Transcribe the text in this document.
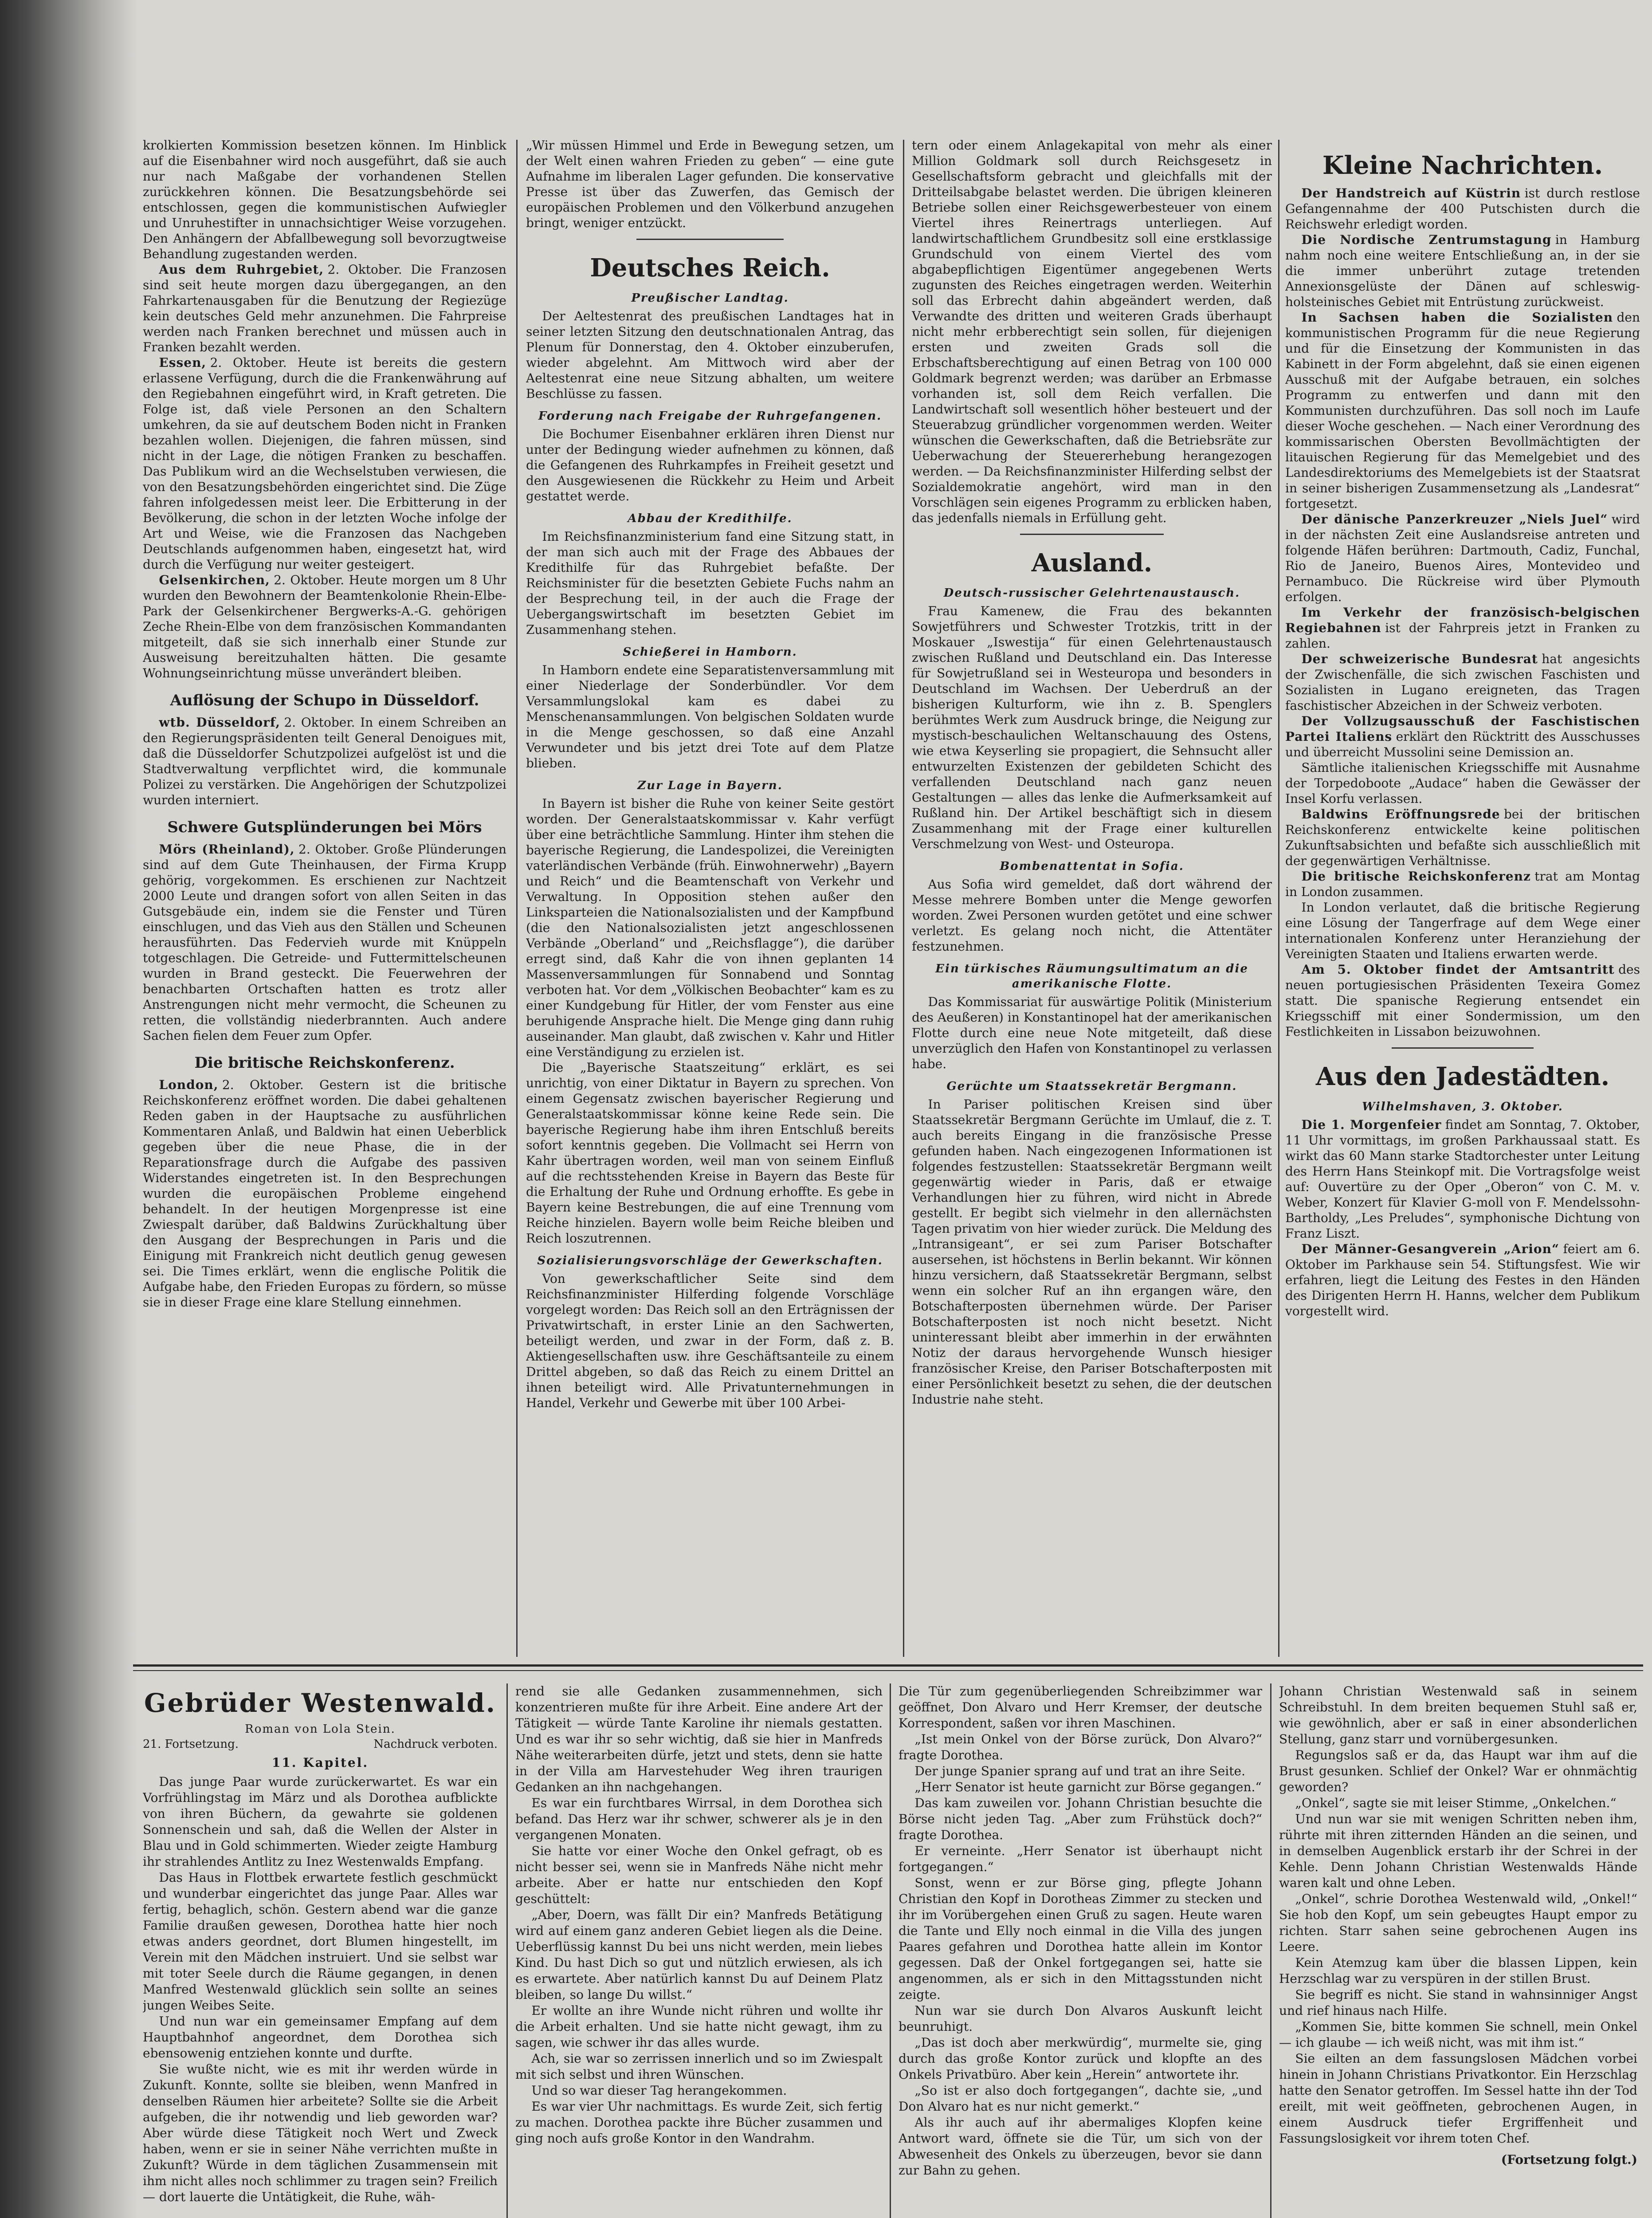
krolkierten Kommission besetzen können. Im Hinblick auf die Eisenbahner wird noch ausgeführt, daß sie auch nur nach Maßgabe der vorhandenen Stellen zurückkehren können. Die Besatzungsbehörde sei entschlossen, gegen die kommunistischen Aufwiegler und Unruhestifter in unnachsichtiger Weise vorzugehen. Den Anhängern der Abfallbewegung soll bevorzugtweise Behandlung zugestanden werden.

Aus dem Ruhrgebiet, 2. Oktober. Die Franzosen sind seit heute morgen dazu übergegangen, an den Fahrkartenausgaben für die Benutzung der Regiezüge kein deutsches Geld mehr anzunehmen. Die Fahrpreise werden nach Franken berechnet und müssen auch in Franken bezahlt werden.

Essen, 2. Oktober. Heute ist bereits die gestern erlassene Verfügung, durch die die Frankenwährung auf den Regiebahnen eingeführt wird, in Kraft getreten. Die Folge ist, daß viele Personen an den Schaltern umkehren, da sie auf deutschem Boden nicht in Franken bezahlen wollen. Diejenigen, die fahren müssen, sind nicht in der Lage, die nötigen Franken zu beschaffen. Das Publikum wird an die Wechselstuben verwiesen, die von den Besatzungsbehörden eingerichtet sind. Die Züge fahren infolgedessen meist leer. Die Erbitterung in der Bevölkerung, die schon in der letzten Woche infolge der Art und Weise, wie die Franzosen das Nachgeben Deutschlands aufgenommen haben, eingesetzt hat, wird durch die Verfügung nur weiter gesteigert.

Gelsenkirchen, 2. Oktober. Heute morgen um 8 Uhr wurden den Bewohnern der Beamtenkolonie Rhein-Elbe-Park der Gelsenkirchener Bergwerks-A.-G. gehörigen Zeche Rhein-Elbe von dem französischen Kommandanten mitgeteilt, daß sie sich innerhalb einer Stunde zur Ausweisung bereitzuhalten hätten. Die gesamte Wohnungseinrichtung müsse unverändert bleiben.

Auflösung der Schupo in Düsseldorf.

wtb. Düsseldorf, 2. Oktober. In einem Schreiben an den Regierungspräsidenten teilt General Denoigues mit, daß die Düsseldorfer Schutzpolizei aufgelöst ist und die Stadtverwaltung verpflichtet wird, die kommunale Polizei zu verstärken. Die Angehörigen der Schutzpolizei wurden interniert.

Schwere Gutsplünderungen bei Mörs

Mörs (Rheinland), 2. Oktober. Große Plünderungen sind auf dem Gute Theinhausen, der Firma Krupp gehörig, vorgekommen. Es erschienen zur Nachtzeit 2000 Leute und drangen sofort von allen Seiten in das Gutsgebäude ein, indem sie die Fenster und Türen einschlugen, und das Vieh aus den Ställen und Scheunen herausführten. Das Federvieh wurde mit Knüppeln totgeschlagen. Die Getreide- und Futtermittelscheunen wurden in Brand gesteckt. Die Feuerwehren der benachbarten Ortschaften hatten es trotz aller Anstrengungen nicht mehr vermocht, die Scheunen zu retten, die vollständig niederbrannten. Auch andere Sachen fielen dem Feuer zum Opfer.

Die britische Reichskonferenz.

London, 2. Oktober. Gestern ist die britische Reichskonferenz eröffnet worden. Die dabei gehaltenen Reden gaben in der Hauptsache zu ausführlichen Kommentaren Anlaß, und Baldwin hat einen Ueberblick gegeben über die neue Phase, die in der Reparationsfrage durch die Aufgabe des passiven Widerstandes eingetreten ist. In den Besprechungen wurden die europäischen Probleme eingehend behandelt. In der heutigen Morgenpresse ist eine Zwiespalt darüber, daß Baldwins Zurückhaltung über den Ausgang der Besprechungen in Paris und die Einigung mit Frankreich nicht deutlich genug gewesen sei. Die Times erklärt, wenn die englische Politik die Aufgabe habe, den Frieden Europas zu fördern, so müsse sie in dieser Frage eine klare Stellung einnehmen.

„Wir müssen Himmel und Erde in Bewegung setzen, um der Welt einen wahren Frieden zu geben“ — eine gute Aufnahme im liberalen Lager gefunden. Die konservative Presse ist über das Zuwerfen, das Gemisch der europäischen Problemen und den Völkerbund anzugehen bringt, weniger entzückt.

Deutsches Reich.
Preußischer Landtag.

Der Aeltestenrat des preußischen Landtages hat in seiner letzten Sitzung den deutschnationalen Antrag, das Plenum für Donnerstag, den 4. Oktober einzuberufen, wieder abgelehnt. Am Mittwoch wird aber der Aeltestenrat eine neue Sitzung abhalten, um weitere Beschlüsse zu fassen.

Forderung nach Freigabe der Ruhrgefangenen.

Die Bochumer Eisenbahner erklären ihren Dienst nur unter der Bedingung wieder aufnehmen zu können, daß die Gefangenen des Ruhrkampfes in Freiheit gesetzt und den Ausgewiesenen die Rückkehr zu Heim und Arbeit gestattet werde.

Abbau der Kredithilfe.

Im Reichsfinanzministerium fand eine Sitzung statt, in der man sich auch mit der Frage des Abbaues der Kredithilfe für das Ruhrgebiet befaßte. Der Reichsminister für die besetzten Gebiete Fuchs nahm an der Besprechung teil, in der auch die Frage der Uebergangswirtschaft im besetzten Gebiet im Zusammenhang stehen.

Schießerei in Hamborn.

In Hamborn endete eine Separatistenversammlung mit einer Niederlage der Sonderbündler. Vor dem Versammlungslokal kam es dabei zu Menschenansammlungen. Von belgischen Soldaten wurde in die Menge geschossen, so daß eine Anzahl Verwundeter und bis jetzt drei Tote auf dem Platze blieben.

Zur Lage in Bayern.

In Bayern ist bisher die Ruhe von keiner Seite gestört worden. Der Generalstaatskommissar v. Kahr verfügt über eine beträchtliche Sammlung. Hinter ihm stehen die bayerische Regierung, die Landespolizei, die Vereinigten vaterländischen Verbände (früh. Einwohnerwehr) „Bayern und Reich“ und die Beamtenschaft von Verkehr und Verwaltung. In Opposition stehen außer den Linksparteien die Nationalsozialisten und der Kampfbund (die den Nationalsozialisten jetzt angeschlossenen Verbände „Oberland“ und „Reichsflagge“), die darüber erregt sind, daß Kahr die von ihnen geplanten 14 Massenversammlungen für Sonnabend und Sonntag verboten hat. Vor dem „Völkischen Beobachter“ kam es zu einer Kundgebung für Hitler, der vom Fenster aus eine beruhigende Ansprache hielt. Die Menge ging dann ruhig auseinander. Man glaubt, daß zwischen v. Kahr und Hitler eine Verständigung zu erzielen ist.

Die „Bayerische Staatszeitung“ erklärt, es sei unrichtig, von einer Diktatur in Bayern zu sprechen. Von einem Gegensatz zwischen bayerischer Regierung und Generalstaatskommissar könne keine Rede sein. Die bayerische Regierung habe ihm ihren Entschluß bereits sofort kenntnis gegeben. Die Vollmacht sei Herrn von Kahr übertragen worden, weil man von seinem Einfluß auf die rechtsstehenden Kreise in Bayern das Beste für die Erhaltung der Ruhe und Ordnung erhoffte. Es gebe in Bayern keine Bestrebungen, die auf eine Trennung vom Reiche hinzielen. Bayern wolle beim Reiche bleiben und Reich loszutrennen.

Sozialisierungsvorschläge der Gewerkschaften.

Von gewerkschaftlicher Seite sind dem Reichsfinanzminister Hilferding folgende Vorschläge vorgelegt worden: Das Reich soll an den Erträgnissen der Privatwirtschaft, in erster Linie an den Sachwerten, beteiligt werden, und zwar in der Form, daß z. B. Aktiengesellschaften usw. ihre Geschäftsanteile zu einem Drittel abgeben, so daß das Reich zu einem Drittel an ihnen beteiligt wird. Alle Privatunternehmungen in Handel, Verkehr und Gewerbe mit über 100 Arbei-

tern oder einem Anlagekapital von mehr als einer Million Goldmark soll durch Reichsgesetz in Gesellschaftsform gebracht und gleichfalls mit der Dritteilsabgabe belastet werden. Die übrigen kleineren Betriebe sollen einer Reichsgewerbesteuer von einem Viertel ihres Reinertrags unterliegen. Auf landwirtschaftlichem Grundbesitz soll eine erstklassige Grundschuld von einem Viertel des vom abgabepflichtigen Eigentümer angegebenen Werts zugunsten des Reiches eingetragen werden. Weiterhin soll das Erbrecht dahin abgeändert werden, daß Verwandte des dritten und weiteren Grads überhaupt nicht mehr erbberechtigt sein sollen, für diejenigen ersten und zweiten Grads soll die Erbschaftsberechtigung auf einen Betrag von 100 000 Goldmark begrenzt werden; was darüber an Erbmasse vorhanden ist, soll dem Reich verfallen. Die Landwirtschaft soll wesentlich höher besteuert und der Steuerabzug gründlicher vorgenommen werden. Weiter wünschen die Gewerkschaften, daß die Betriebsräte zur Ueberwachung der Steuererhebung herangezogen werden. — Da Reichsfinanzminister Hilferding selbst der Sozialdemokratie angehört, wird man in den Vorschlägen sein eigenes Programm zu erblicken haben, das jedenfalls niemals in Erfüllung geht.

Ausland.
Deutsch-russischer Gelehrtenaustausch.

Frau Kamenew, die Frau des bekannten Sowjetführers und Schwester Trotzkis, tritt in der Moskauer „Iswestija“ für einen Gelehrtenaustausch zwischen Rußland und Deutschland ein. Das Interesse für Sowjetrußland sei in Westeuropa und besonders in Deutschland im Wachsen. Der Ueberdruß an der bisherigen Kulturform, wie ihn z. B. Spenglers berühmtes Werk zum Ausdruck bringe, die Neigung zur mystisch-beschaulichen Weltanschauung des Ostens, wie etwa Keyserling sie propagiert, die Sehnsucht aller entwurzelten Existenzen der gebildeten Schicht des verfallenden Deutschland nach ganz neuen Gestaltungen — alles das lenke die Aufmerksamkeit auf Rußland hin. Der Artikel beschäftigt sich in diesem Zusammenhang mit der Frage einer kulturellen Verschmelzung von West- und Osteuropa.

Bombenattentat in Sofia.

Aus Sofia wird gemeldet, daß dort während der Messe mehrere Bomben unter die Menge geworfen worden. Zwei Personen wurden getötet und eine schwer verletzt. Es gelang noch nicht, die Attentäter festzunehmen.

Ein türkisches Räumungsultimatum an die amerikanische Flotte.

Das Kommissariat für auswärtige Politik (Ministerium des Aeußeren) in Konstantinopel hat der amerikanischen Flotte durch eine neue Note mitgeteilt, daß diese unverzüglich den Hafen von Konstantinopel zu verlassen habe.

Gerüchte um Staatssekretär Bergmann.

In Pariser politischen Kreisen sind über Staatssekretär Bergmann Gerüchte im Umlauf, die z. T. auch bereits Eingang in die französische Presse gefunden haben. Nach eingezogenen Informationen ist folgendes festzustellen: Staatssekretär Bergmann weilt gegenwärtig wieder in Paris, daß er etwaige Verhandlungen hier zu führen, wird nicht in Abrede gestellt. Er begibt sich vielmehr in den allernächsten Tagen privatim von hier wieder zurück. Die Meldung des „Intransigeant“, er sei zum Pariser Botschafter ausersehen, ist höchstens in Berlin bekannt. Wir können hinzu versichern, daß Staatssekretär Bergmann, selbst wenn ein solcher Ruf an ihn ergangen wäre, den Botschafterposten übernehmen würde. Der Pariser Botschafterposten ist noch nicht besetzt. Nicht uninteressant bleibt aber immerhin in der erwähnten Notiz der daraus hervorgehende Wunsch hiesiger französischer Kreise, den Pariser Botschafterposten mit einer Persönlichkeit besetzt zu sehen, die der deutschen Industrie nahe steht.

Kleine Nachrichten.

Der Handstreich auf Küstrin ist durch restlose Gefangennahme der 400 Putschisten durch die Reichswehr erledigt worden.

Die Nordische Zentrumstagung in Hamburg nahm noch eine weitere Entschließung an, in der sie die immer unberührt zutage tretenden Annexionsgelüste der Dänen auf schleswig-holsteinisches Gebiet mit Entrüstung zurückweist.

In Sachsen haben die Sozialisten den kommunistischen Programm für die neue Regierung und für die Einsetzung der Kommunisten in das Kabinett in der Form abgelehnt, daß sie einen eigenen Ausschuß mit der Aufgabe betrauen, ein solches Programm zu entwerfen und dann mit den Kommunisten durchzuführen. Das soll noch im Laufe dieser Woche geschehen. — Nach einer Verordnung des kommissarischen Obersten Bevollmächtigten der litauischen Regierung für das Memelgebiet und des Landesdirektoriums des Memelgebiets ist der Staatsrat in seiner bisherigen Zusammensetzung als „Landesrat“ fortgesetzt.

Der dänische Panzerkreuzer „Niels Juel“ wird in der nächsten Zeit eine Auslandsreise antreten und folgende Häfen berühren: Dartmouth, Cadiz, Funchal, Rio de Janeiro, Buenos Aires, Montevideo und Pernambuco. Die Rückreise wird über Plymouth erfolgen.

Im Verkehr der französisch-belgischen Regiebahnen ist der Fahrpreis jetzt in Franken zu zahlen.

Der schweizerische Bundesrat hat angesichts der Zwischenfälle, die sich zwischen Faschisten und Sozialisten in Lugano ereigneten, das Tragen faschistischer Abzeichen in der Schweiz verboten.

Der Vollzugsausschuß der Faschistischen Partei Italiens erklärt den Rücktritt des Ausschusses und überreicht Mussolini seine Demission an.

Sämtliche italienischen Kriegsschiffe mit Ausnahme der Torpedoboote „Audace“ haben die Gewässer der Insel Korfu verlassen.

Baldwins Eröffnungsrede bei der britischen Reichskonferenz entwickelte keine politischen Zukunftsabsichten und befaßte sich ausschließlich mit der gegenwärtigen Verhältnisse.

Die britische Reichskonferenz trat am Montag in London zusammen.

In London verlautet, daß die britische Regierung eine Lösung der Tangerfrage auf dem Wege einer internationalen Konferenz unter Heranziehung der Vereinigten Staaten und Italiens erwarten werde.

Am 5. Oktober findet der Amtsantritt des neuen portugiesischen Präsidenten Texeira Gomez statt. Die spanische Regierung entsendet ein Kriegsschiff mit einer Sondermission, um den Festlichkeiten in Lissabon beizuwohnen.

Aus den Jadestädten.
Wilhelmshaven, 3. Oktober.

Die 1. Morgenfeier findet am Sonntag, 7. Oktober, 11 Uhr vormittags, im großen Parkhaussaal statt. Es wirkt das 60 Mann starke Stadtorchester unter Leitung des Herrn Hans Steinkopf mit. Die Vortragsfolge weist auf: Ouvertüre zu der Oper „Oberon“ von C. M. v. Weber, Konzert für Klavier G-moll von F. Mendelssohn-Bartholdy, „Les Preludes“, symphonische Dichtung von Franz Liszt.

Der Männer-Gesangverein „Arion“ feiert am 6. Oktober im Parkhause sein 54. Stiftungsfest. Wie wir erfahren, liegt die Leitung des Festes in den Händen des Dirigenten Herrn H. Hanns, welcher dem Publikum vorgestellt wird.

Gebrüder Westenwald.
Roman von Lola Stein.
21. Fortsetzung.	Nachdruck verboten.
11. Kapitel.

Das junge Paar wurde zurückerwartet. Es war ein Vorfrühlingstag im März und als Dorothea aufblickte von ihren Büchern, da gewahrte sie goldenen Sonnenschein und sah, daß die Wellen der Alster in Blau und in Gold schimmerten. Wieder zeigte Hamburg ihr strahlendes Antlitz zu Inez Westenwalds Empfang.

Das Haus in Flottbek erwartete festlich geschmückt und wunderbar eingerichtet das junge Paar. Alles war fertig, behaglich, schön. Gestern abend war die ganze Familie draußen gewesen, Dorothea hatte hier noch etwas anders geordnet, dort Blumen hingestellt, im Verein mit den Mädchen instruiert. Und sie selbst war mit toter Seele durch die Räume gegangen, in denen Manfred Westenwald glücklich sein sollte an seines jungen Weibes Seite.

Und nun war ein gemeinsamer Empfang auf dem Hauptbahnhof angeordnet, dem Dorothea sich ebensowenig entziehen konnte und durfte.

Sie wußte nicht, wie es mit ihr werden würde in Zukunft. Konnte, sollte sie bleiben, wenn Manfred in denselben Räumen hier arbeitete? Sollte sie die Arbeit aufgeben, die ihr notwendig und lieb geworden war? Aber würde diese Tätigkeit noch Wert und Zweck haben, wenn er sie in seiner Nähe verrichten mußte in Zukunft? Würde in dem täglichen Zusammensein mit ihm nicht alles noch schlimmer zu tragen sein? Freilich — dort lauerte die Untätigkeit, die Ruhe, wäh-

rend sie alle Gedanken zusammennehmen, sich konzentrieren mußte für ihre Arbeit. Eine andere Art der Tätigkeit — würde Tante Karoline ihr niemals gestatten. Und es war ihr so sehr wichtig, daß sie hier in Manfreds Nähe weiterarbeiten dürfe, jetzt und stets, denn sie hatte in der Villa am Harvestehuder Weg ihren traurigen Gedanken an ihn nachgehangen.

Es war ein furchtbares Wirrsal, in dem Dorothea sich befand. Das Herz war ihr schwer, schwerer als je in den vergangenen Monaten.

Sie hatte vor einer Woche den Onkel gefragt, ob es nicht besser sei, wenn sie in Manfreds Nähe nicht mehr arbeite. Aber er hatte nur entschieden den Kopf geschüttelt:

„Aber, Doern, was fällt Dir ein? Manfreds Betätigung wird auf einem ganz anderen Gebiet liegen als die Deine. Ueberflüssig kannst Du bei uns nicht werden, mein liebes Kind. Du hast Dich so gut und nützlich erwiesen, als ich es erwartete. Aber natürlich kannst Du auf Deinem Platz bleiben, so lange Du willst.“

Er wollte an ihre Wunde nicht rühren und wollte ihr die Arbeit erhalten. Und sie hatte nicht gewagt, ihm zu sagen, wie schwer ihr das alles wurde.

Ach, sie war so zerrissen innerlich und so im Zwiespalt mit sich selbst und ihren Wünschen.

Und so war dieser Tag herangekommen.

Es war vier Uhr nachmittags. Es wurde Zeit, sich fertig zu machen. Dorothea packte ihre Bücher zusammen und ging noch aufs große Kontor in den Wandrahm.

Die Tür zum gegenüberliegenden Schreibzimmer war geöffnet, Don Alvaro und Herr Kremser, der deutsche Korrespondent, saßen vor ihren Maschinen.

„Ist mein Onkel von der Börse zurück, Don Alvaro?“ fragte Dorothea.

Der junge Spanier sprang auf und trat an ihre Seite.

„Herr Senator ist heute garnicht zur Börse gegangen.“

Das kam zuweilen vor. Johann Christian besuchte die Börse nicht jeden Tag. „Aber zum Frühstück doch?“ fragte Dorothea.

Er verneinte. „Herr Senator ist überhaupt nicht fortgegangen.“

Sonst, wenn er zur Börse ging, pflegte Johann Christian den Kopf in Dorotheas Zimmer zu stecken und ihr im Vorübergehen einen Gruß zu sagen. Heute waren die Tante und Elly noch einmal in die Villa des jungen Paares gefahren und Dorothea hatte allein im Kontor gegessen. Daß der Onkel fortgegangen sei, hatte sie angenommen, als er sich in den Mittagsstunden nicht zeigte.

Nun war sie durch Don Alvaros Auskunft leicht beunruhigt.

„Das ist doch aber merkwürdig“, murmelte sie, ging durch das große Kontor zurück und klopfte an des Onkels Privatbüro. Aber kein „Herein“ antwortete ihr.

„So ist er also doch fortgegangen“, dachte sie, „und Don Alvaro hat es nur nicht gemerkt.“

Als ihr auch auf ihr abermaliges Klopfen keine Antwort ward, öffnete sie die Tür, um sich von der Abwesenheit des Onkels zu überzeugen, bevor sie dann zur Bahn zu gehen.

Johann Christian Westenwald saß in seinem Schreibstuhl. In dem breiten bequemen Stuhl saß er, wie gewöhnlich, aber er saß in einer absonderlichen Stellung, ganz starr und vornübergesunken.

Regungslos saß er da, das Haupt war ihm auf die Brust gesunken. Schlief der Onkel? War er ohnmächtig geworden?

„Onkel“, sagte sie mit leiser Stimme, „Onkelchen.“

Und nun war sie mit wenigen Schritten neben ihm, rührte mit ihren zitternden Händen an die seinen, und in demselben Augenblick erstarb ihr der Schrei in der Kehle. Denn Johann Christian Westenwalds Hände waren kalt und ohne Leben.

„Onkel“, schrie Dorothea Westenwald wild, „Onkel!“ Sie hob den Kopf, um sein gebeugtes Haupt empor zu richten. Starr sahen seine gebrochenen Augen ins Leere.

Kein Atemzug kam über die blassen Lippen, kein Herzschlag war zu verspüren in der stillen Brust.

Sie begriff es nicht. Sie stand in wahnsinniger Angst und rief hinaus nach Hilfe.

„Kommen Sie, bitte kommen Sie schnell, mein Onkel — ich glaube — ich weiß nicht, was mit ihm ist.“

Sie eilten an dem fassungslosen Mädchen vorbei hinein in Johann Christians Privatkontor. Ein Herzschlag hatte den Senator getroffen. Im Sessel hatte ihn der Tod ereilt, mit weit geöffneten, gebrochenen Augen, in einem Ausdruck tiefer Ergriffenheit und Fassungslosigkeit vor ihrem toten Chef.

(Fortsetzung folgt.)
